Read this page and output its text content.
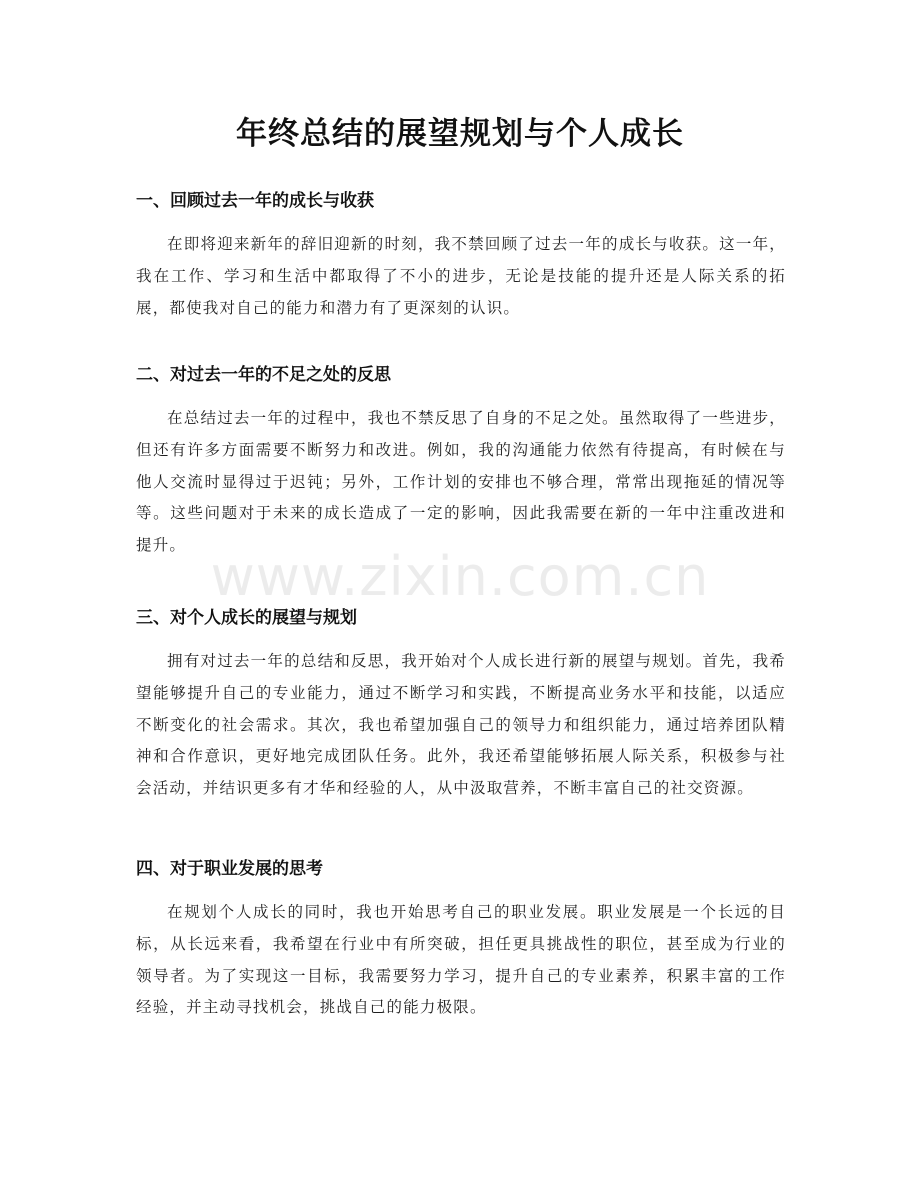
年终总结的展望规划与个人成长
一、回顾过去一年的成长与收获

在即将迎来新年的辞旧迎新的时刻，我不禁回顾了过去一年的成长与收获。这一年，我在工作、学习和生活中都取得了不小的进步，无论是技能的提升还是人际关系的拓展，都使我对自己的能力和潜力有了更深刻的认识。

二、对过去一年的不足之处的反思

在总结过去一年的过程中，我也不禁反思了自身的不足之处。虽然取得了一些进步，但还有许多方面需要不断努力和改进。例如，我的沟通能力依然有待提高，有时候在与他人交流时显得过于迟钝；另外，工作计划的安排也不够合理，常常出现拖延的情况等等。这些问题对于未来的成长造成了一定的影响，因此我需要在新的一年中注重改进和提升。

三、对个人成长的展望与规划

拥有对过去一年的总结和反思，我开始对个人成长进行新的展望与规划。首先，我希望能够提升自己的专业能力，通过不断学习和实践，不断提高业务水平和技能，以适应不断变化的社会需求。其次，我也希望加强自己的领导力和组织能力，通过培养团队精神和合作意识，更好地完成团队任务。此外，我还希望能够拓展人际关系，积极参与社会活动，并结识更多有才华和经验的人，从中汲取营养，不断丰富自己的社交资源。

四、对于职业发展的思考

在规划个人成长的同时，我也开始思考自己的职业发展。职业发展是一个长远的目标，从长远来看，我希望在行业中有所突破，担任更具挑战性的职位，甚至成为行业的领导者。为了实现这一目标，我需要努力学习，提升自己的专业素养，积累丰富的工作经验，并主动寻找机会，挑战自己的能力极限。

www.zixin.com.cn
